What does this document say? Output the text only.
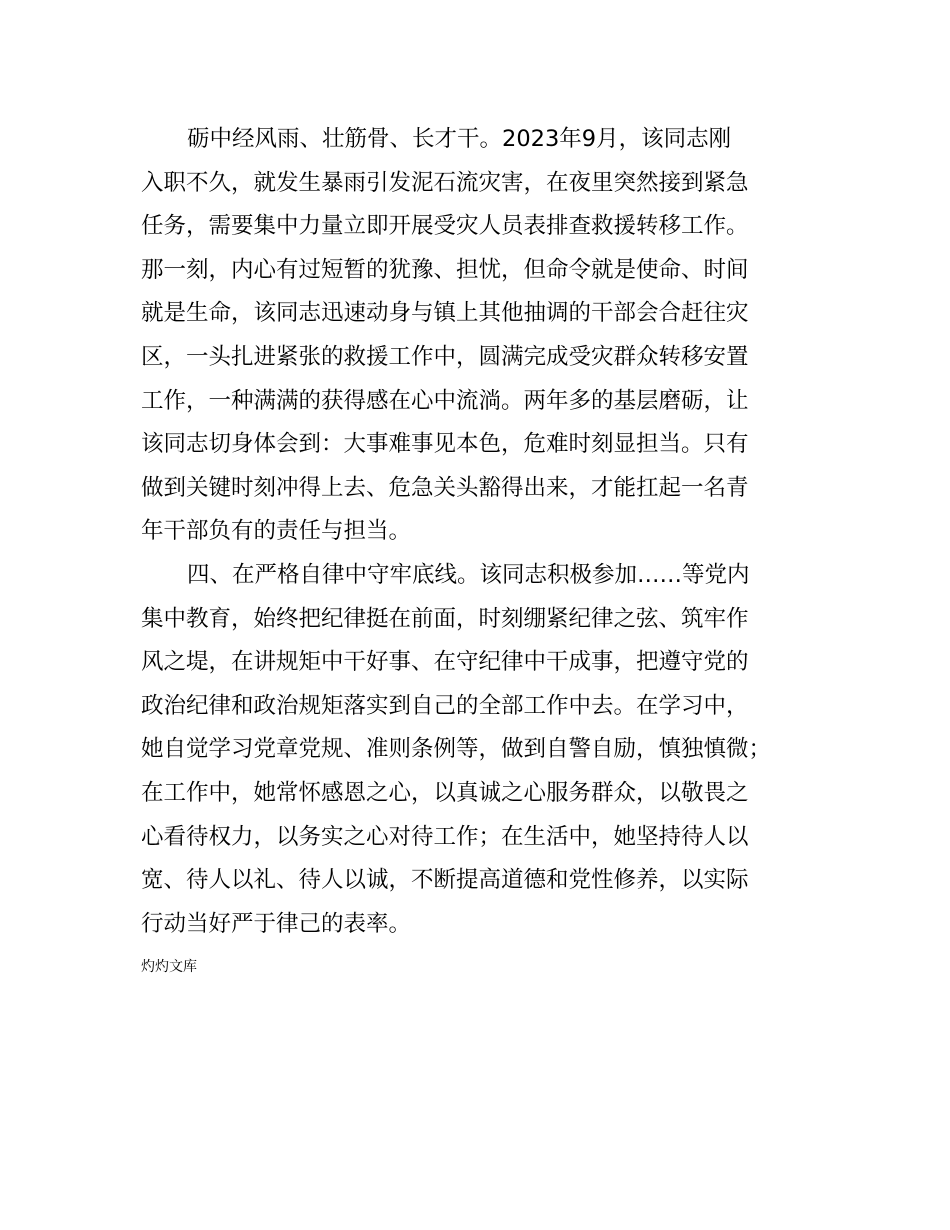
砺中经风雨、壮筋骨、长才干。2023年9月，该同志刚
入职不久，就发生暴雨引发泥石流灾害，在夜里突然接到紧急
任务，需要集中力量立即开展受灾人员表排查救援转移工作。
那一刻，内心有过短暂的犹豫、担忧，但命令就是使命、时间
就是生命，该同志迅速动身与镇上其他抽调的干部会合赶往灾
区，一头扎进紧张的救援工作中，圆满完成受灾群众转移安置
工作，一种满满的获得感在心中流淌。两年多的基层磨砺，让
该同志切身体会到：大事难事见本色，危难时刻显担当。只有
做到关键时刻冲得上去、危急关头豁得出来，才能扛起一名青
年干部负有的责任与担当。
四、在严格自律中守牢底线。该同志积极参加……等党内
集中教育，始终把纪律挺在前面，时刻绷紧纪律之弦、筑牢作
风之堤，在讲规矩中干好事、在守纪律中干成事，把遵守党的
政治纪律和政治规矩落实到自己的全部工作中去。在学习中，
她自觉学习党章党规、准则条例等，做到自警自励，慎独慎微；
在工作中，她常怀感恩之心，以真诚之心服务群众，以敬畏之
心看待权力，以务实之心对待工作；在生活中，她坚持待人以
宽、待人以礼、待人以诚，不断提高道德和党性修养，以实际
行动当好严于律己的表率。
灼灼文库
